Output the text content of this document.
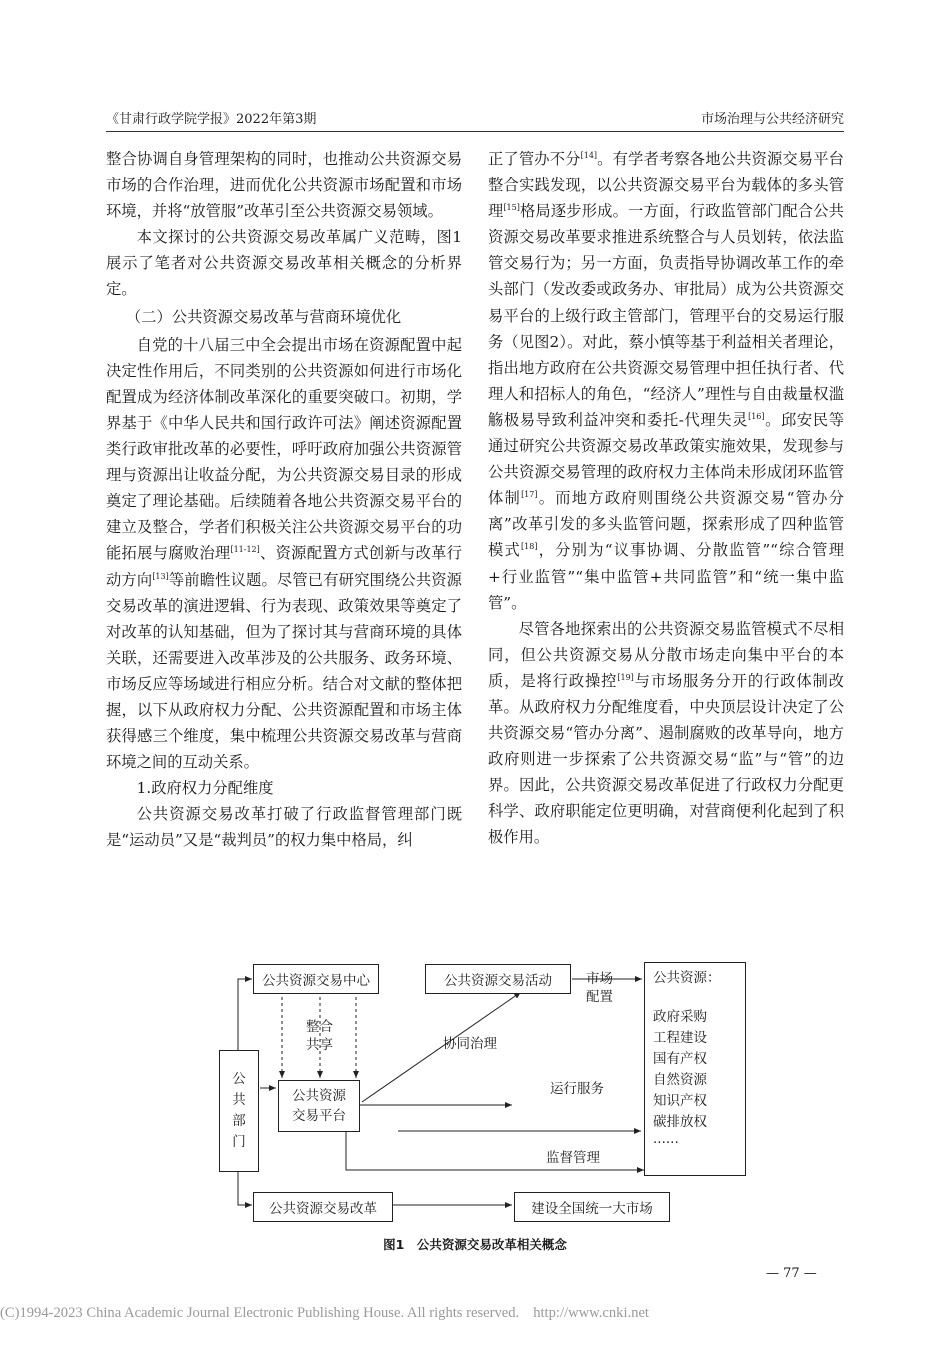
《甘肃行政学院学报》2022年第3期	市场治理与公共经济研究

整合协调自身管理架构的同时，也推动公共资源交易市场的合作治理，进而优化公共资源市场配置和市场环境，并将“放管服”改革引至公共资源交易领域。

本文探讨的公共资源交易改革属广义范畴，图1展示了笔者对公共资源交易改革相关概念的分析界定。

（二）公共资源交易改革与营商环境优化

自党的十八届三中全会提出市场在资源配置中起决定性作用后，不同类别的公共资源如何进行市场化配置成为经济体制改革深化的重要突破口。初期，学界基于《中华人民共和国行政许可法》阐述资源配置类行政审批改革的必要性，呼吁政府加强公共资源管理与资源出让收益分配，为公共资源交易目录的形成奠定了理论基础。后续随着各地公共资源交易平台的建立及整合，学者们积极关注公共资源交易平台的功能拓展与腐败治理[11-12]、资源配置方式创新与改革行动方向[13]等前瞻性议题。尽管已有研究围绕公共资源交易改革的演进逻辑、行为表现、政策效果等奠定了对改革的认知基础，但为了探讨其与营商环境的具体关联，还需要进入改革涉及的公共服务、政务环境、市场反应等场域进行相应分析。结合对文献的整体把握，以下从政府权力分配、公共资源配置和市场主体获得感三个维度，集中梳理公共资源交易改革与营商环境之间的互动关系。

1.政府权力分配维度

公共资源交易改革打破了行政监督管理部门既是“运动员”又是“裁判员”的权力集中格局，纠

正了管办不分[14]。有学者考察各地公共资源交易平台整合实践发现，以公共资源交易平台为载体的多头管理[15]格局逐步形成。一方面，行政监管部门配合公共资源交易改革要求推进系统整合与人员划转，依法监管交易行为；另一方面，负责指导协调改革工作的牵头部门（发改委或政务办、审批局）成为公共资源交易平台的上级行政主管部门，管理平台的交易运行服务（见图2）。对此，蔡小慎等基于利益相关者理论，指出地方政府在公共资源交易管理中担任执行者、代理人和招标人的角色，“经济人”理性与自由裁量权滥觞极易导致利益冲突和委托-代理失灵[16]。邱安民等通过研究公共资源交易改革政策实施效果，发现参与公共资源交易管理的政府权力主体尚未形成闭环监管体制[17]。而地方政府则围绕公共资源交易“管办分离”改革引发的多头监管问题，探索形成了四种监管模式[18]，分别为“议事协调、分散监管”“综合管理+行业监管”“集中监管+共同监管”和“统一集中监管”。

尽管各地探索出的公共资源交易监管模式不尽相同，但公共资源交易从分散市场走向集中平台的本质，是将行政操控[19]与市场服务分开的行政体制改革。从政府权力分配维度看，中央顶层设计决定了公共资源交易“管办分离”、遏制腐败的改革导向，地方政府则进一步探索了公共资源交易“监”与“管”的边界。因此，公共资源交易改革促进了行政权力分配更科学、政府职能定位更明确，对营商便利化起到了积极作用。

公共资源交易中心	公共资源交易活动
公
共
部
门
公共资源
交易平台
公共资源交易改革	建设全国统一大市场
公共资源：
政府采购
工程建设
国有产权
自然资源
知识产权
碳排放权
······
整合
共享	协同治理
市场
配置
运行服务
监督管理
图1　公共资源交易改革相关概念
— 77 —
(C)1994-2023 China Academic Journal Electronic Publishing House. All rights reserved. http://www.cnki.net
